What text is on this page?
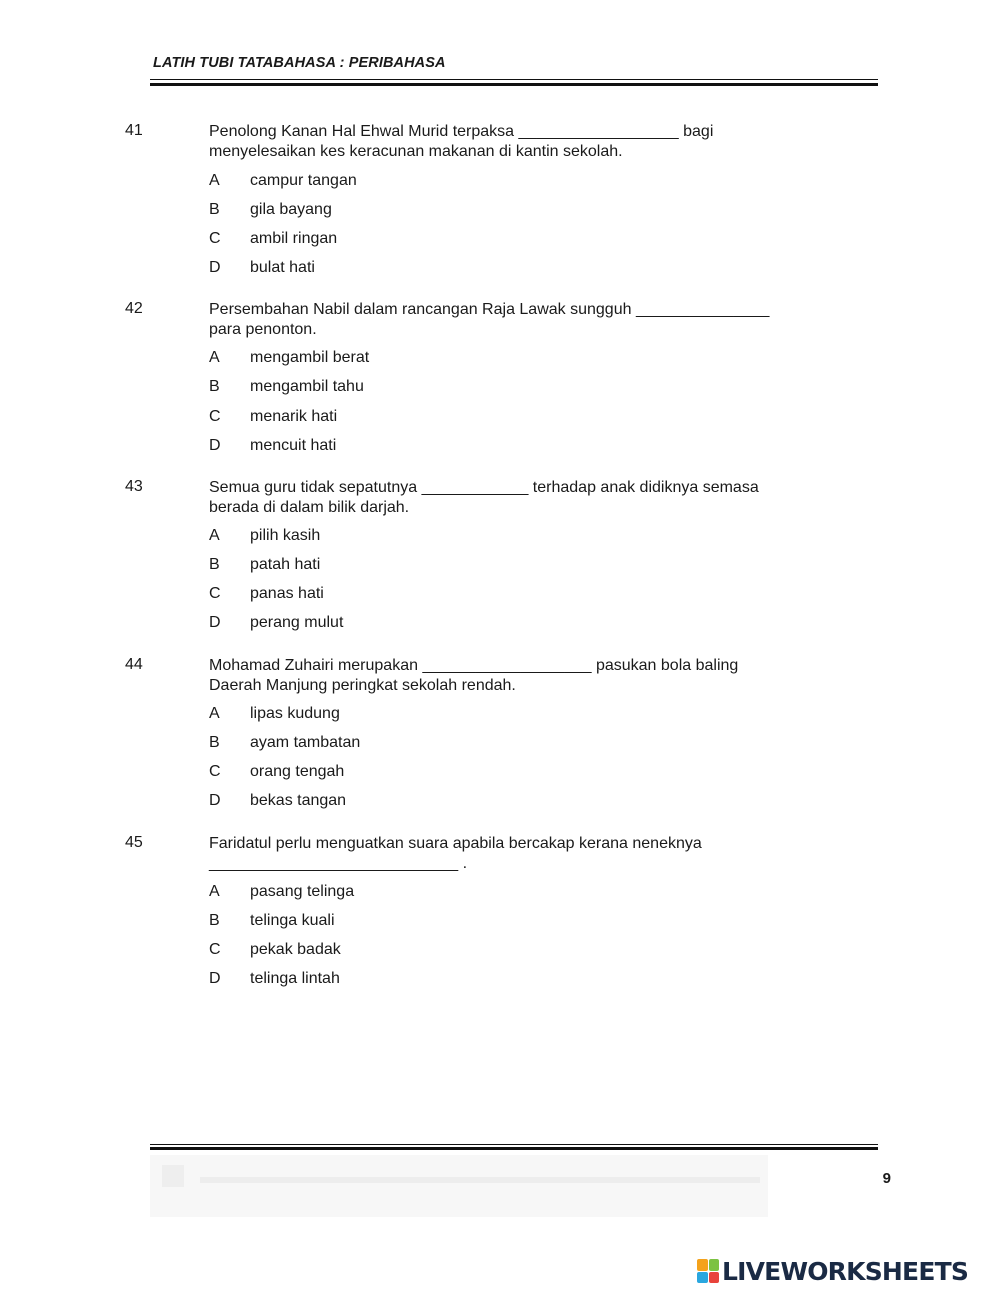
LATIH TUBI TATABAHASA : PERIBAHASA
41	Penolong Kanan Hal Ehwal Murid terpaksa __________________ bagi
menyelesaikan kes keracunan makanan di kantin sekolah.
A campur tangan
B gila bayang
C ambil ringan
D bulat hati
42	Persembahan Nabil dalam rancangan Raja Lawak sungguh _______________
para penonton.
A mengambil berat
B mengambil tahu
C menarik hati
D mencuit hati
43	Semua guru tidak sepatutnya ____________ terhadap anak didiknya semasa
berada di dalam bilik darjah.
A pilih kasih
B patah hati
C panas hati
D perang mulut
44	Mohamad Zuhairi merupakan ___________________ pasukan bola baling
Daerah Manjung peringkat sekolah rendah.
A lipas kudung
B ayam tambatan
C orang tengah
D bekas tangan
45	Faridatul perlu menguatkan suara apabila bercakap kerana neneknya
____________________________ .
A pasang telinga
B telinga kuali
C pekak badak
D telinga lintah
9
LIVEWORKSHEETS
